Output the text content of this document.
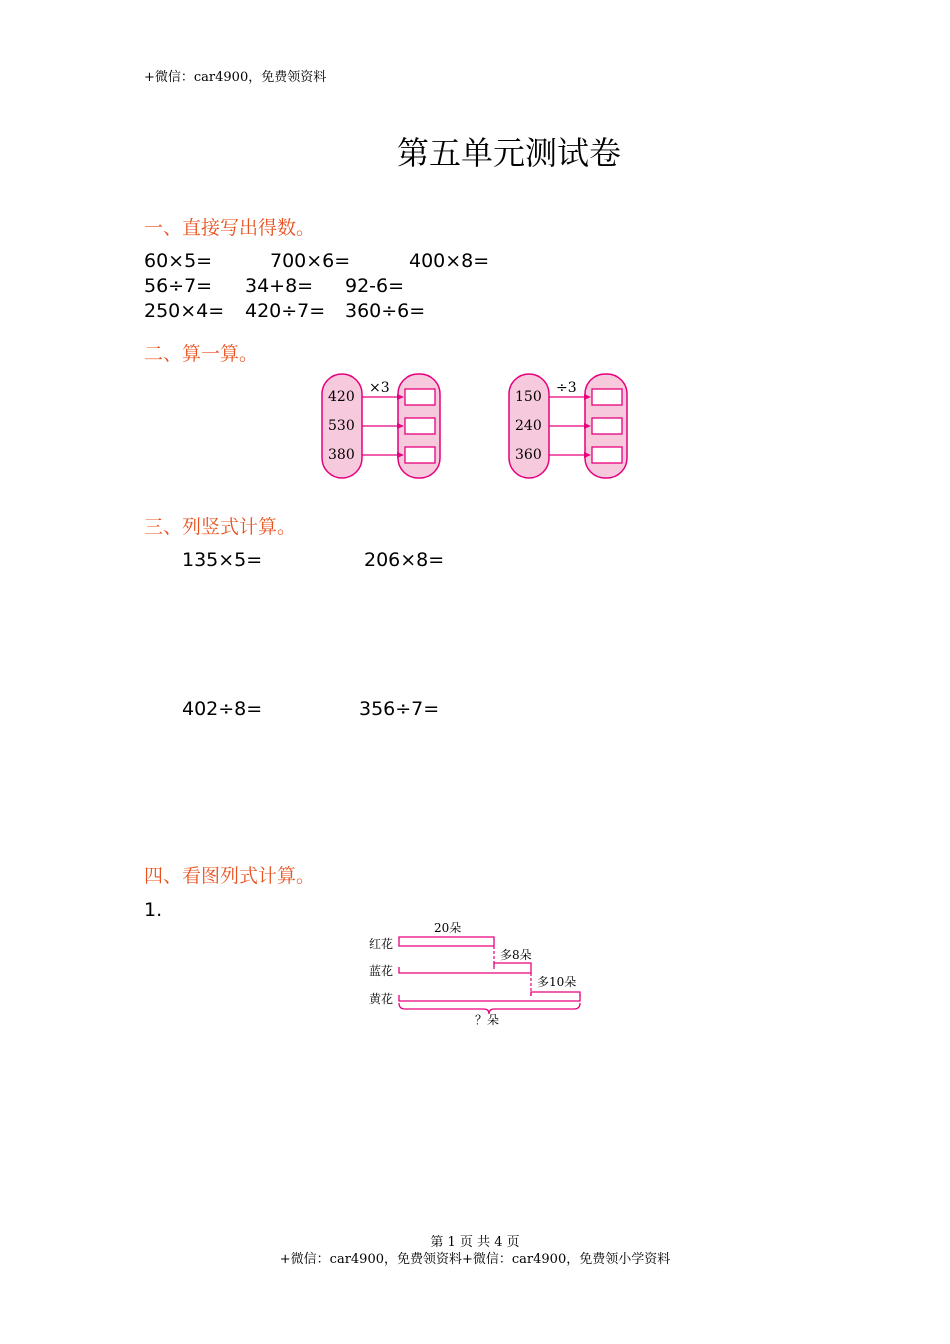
+微信：car4900，免费领资料
第五单元测试卷
一、直接写出得数。
60×5=	700×6=	400×8=
56÷7= 34+8= 92-6=
250×4= 420÷7= 360÷6=
二、算一算。
×3
420
530
380
÷3
150
240
360
三、列竖式计算。
135×5=	206×8=
402÷8=	356÷7=
四、看图列式计算。
1.
红花
蓝花
黄花
20朵
多8朵
多10朵
？朵
第 1 页 共 4 页
+微信：car4900，免费领资料+微信：car4900，免费领小学资料
